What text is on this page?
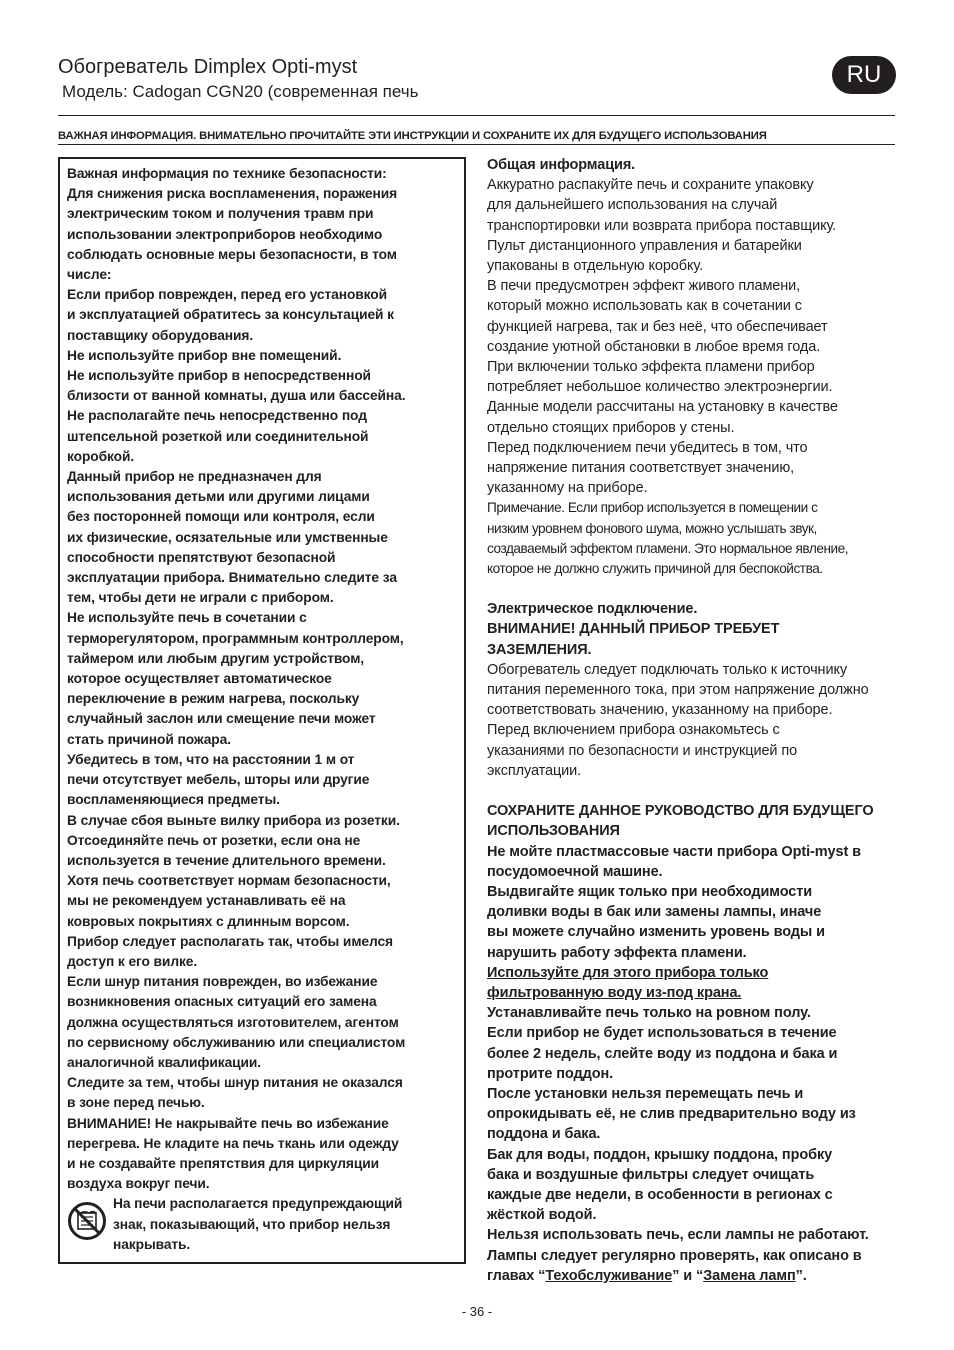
Обогреватель Dimplex Opti-myst
Модель: Cadogan CGN20 (современная печь
RU
ВАЖНАЯ ИНФОРМАЦИЯ. ВНИМАТЕЛЬНО ПРОЧИТАЙТЕ ЭТИ ИНСТРУКЦИИ И СОХРАНИТЕ ИХ ДЛЯ БУДУЩЕГО ИСПОЛЬЗОВАНИЯ
Важная информация по технике безопасности:
Для снижения риска воспламенения, поражения
электрическим током и получения травм при
использовании электроприборов необходимо
соблюдать основные меры безопасности, в том
числе:
Если прибор поврежден, перед его установкой
и эксплуатацией обратитесь за консультацией к
поставщику оборудования.
Не используйте прибор вне помещений.
Не используйте прибор в непосредственной
близости от ванной комнаты, душа или бассейна.
Не располагайте печь непосредственно под
штепсельной розеткой или соединительной
коробкой.
Данный прибор не предназначен для
использования детьми или другими лицами
без посторонней помощи или контроля, если
их физические, осязательные или умственные
способности препятствуют безопасной
эксплуатации прибора. Внимательно следите за
тем, чтобы дети не играли с прибором.
Не используйте печь в сочетании с
терморегулятором, программным контроллером,
таймером или любым другим устройством,
которое осуществляет автоматическое
переключение в режим нагрева, поскольку
случайный заслон или смещение печи может
стать причиной пожара.
Убедитесь в том, что на расстоянии 1 м от
печи отсутствует мебель, шторы или другие
воспламеняющиеся предметы.
В случае сбоя выньте вилку прибора из розетки.
Отсоединяйте печь от розетки, если она не
используется в течение длительного времени.
Хотя печь соответствует нормам безопасности,
мы не рекомендуем устанавливать её на
ковровых покрытиях с длинным ворсом.
Прибор следует располагать так, чтобы имелся
доступ к его вилке.
Если шнур питания поврежден, во избежание
возникновения опасных ситуаций его замена
должна осуществляться изготовителем, агентом
по сервисному обслуживанию или специалистом
аналогичной квалификации.
Следите за тем, чтобы шнур питания не оказался
в зоне перед печью.
ВНИМАНИЕ! Не накрывайте печь во избежание
перегрева. Не кладите на печь ткань или одежду
и не создавайте препятствия для циркуляции
воздуха вокруг печи.
На печи располагается предупреждающий
знак, показывающий, что прибор нельзя
накрывать.
Общая информация.
Аккуратно распакуйте печь и сохраните упаковку
для дальнейшего использования на случай
транспортировки или возврата прибора поставщику.
Пульт дистанционного управления и батарейки
упакованы в отдельную коробку.
В печи предусмотрен эффект живого пламени,
который можно использовать как в сочетании с
функцией нагрева, так и без неё, что обеспечивает
создание уютной обстановки в любое время года.
При включении только эффекта пламени прибор
потребляет небольшое количество электроэнергии.
Данные модели рассчитаны на установку в качестве
отдельно стоящих приборов у стены.
Перед подключением печи убедитесь в том, что
напряжение питания соответствует значению,
указанному на приборе.
Примечание. Если прибор используется в помещении с
низким уровнем фонового шума, можно услышать звук,
создаваемый эффектом пламени. Это нормальное явление,
которое не должно служить причиной для беспокойства.
Электрическое подключение.
ВНИМАНИЕ! ДАННЫЙ ПРИБОР ТРЕБУЕТ
ЗАЗЕМЛЕНИЯ.
Обогреватель следует подключать только к источнику
питания переменного тока, при этом напряжение должно
соответствовать значению, указанному на приборе.
Перед включением прибора ознакомьтесь с
указаниями по безопасности и инструкцией по
эксплуатации.
СОХРАНИТЕ ДАННОЕ РУКОВОДСТВО ДЛЯ БУДУЩЕГО
ИСПОЛЬЗОВАНИЯ
Не мойте пластмассовые части прибора Opti-myst в
посудомоечной машине.
Выдвигайте ящик только при необходимости
доливки воды в бак или замены лампы, иначе
вы можете случайно изменить уровень воды и
нарушить работу эффекта пламени.
Используйте для этого прибора только
фильтрованную воду из-под крана.
Устанавливайте печь только на ровном полу.
Если прибор не будет использоваться в течение
более 2 недель, слейте воду из поддона и бака и
протрите поддон.
После установки нельзя перемещать печь и
опрокидывать её, не слив предварительно воду из
поддона и бака.
Бак для воды, поддон, крышку поддона, пробку
бака и воздушные фильтры следует очищать
каждые две недели, в особенности в регионах с
жёсткой водой.
Нельзя использовать печь, если лампы не работают.
Лампы следует регулярно проверять, как описано в
главах “Техобслуживание” и “Замена ламп”.
- 36 -
